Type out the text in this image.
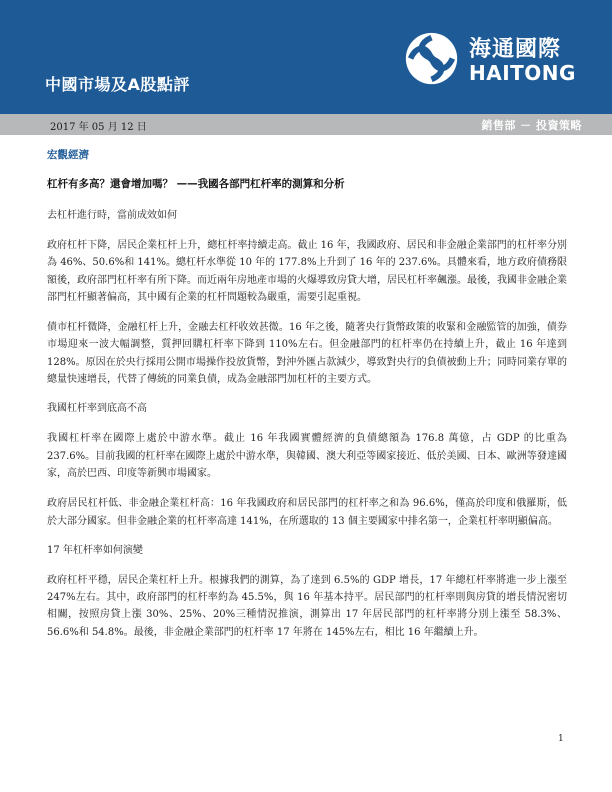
中國市場及A股點評

海通國際

HAITONG

2017 年 05 月 12 日	銷售部 － 投資策略

宏觀經濟
杠杆有多高？還會增加嗎？ ——我國各部門杠杆率的測算和分析

去杠杆進行時，當前成效如何

政府杠杆下降，居民企業杠杆上升，總杠杆率持續走高。截止 16 年，我國政府、居民和非金融企業部門的杠杆率分別為 46%、50.6%和 141%。總杠杆水準從 10 年的 177.8%上升到了 16 年的 237.6%。具體來看，地方政府債務限額後，政府部門杠杆率有所下降。而近兩年房地產市場的火爆導致房貸大增，居民杠杆率飆漲。最後，我國非金融企業部門杠杆顯著偏高，其中國有企業的杠杆問題較為嚴重，需要引起重視。

債市杠杆微降，金融杠杆上升，金融去杠杆收效甚微。16 年之後，隨著央行貨幣政策的收緊和金融監管的加強，債券市場迎來一波大幅調整，質押回購杠杆率下降到 110%左右。但金融部門的杠杆率仍在持續上升，截止 16 年達到 128%。原因在於央行採用公開市場操作投放貨幣，對沖外匯占款減少，導致對央行的負債被動上升；同時同業存單的總量快速增長，代替了傳統的同業負債，成為金融部門加杠杆的主要方式。

我國杠杆率到底高不高

我國杠杆率在國際上處於中游水準。截止 16 年我國實體經濟的負債總額為 176.8 萬億，占 GDP 的比重為 237.6%。目前我國的杠杆率在國際上處於中游水準，與韓國、澳大利亞等國家接近、低於美國、日本、歐洲等發達國家，高於巴西、印度等新興市場國家。

政府居民杠杆低、非金融企業杠杆高：16 年我國政府和居民部門的杠杆率之和為 96.6%，僅高於印度和俄羅斯，低於大部分國家。但非金融企業的杠杆率高達 141%，在所選取的 13 個主要國家中排名第一，企業杠杆率明顯偏高。

17 年杠杆率如何演變

政府杠杆平穩，居民企業杠杆上升。根據我們的測算，為了達到 6.5%的 GDP 增長，17 年總杠杆率將進一步上漲至 247%左右。其中，政府部門的杠杆率約為 45.5%，與 16 年基本持平。居民部門的杠杆率則與房貸的增長情況密切相關，按照房貸上漲 30%、25%、20%三種情況推演，測算出 17 年居民部門的杠杆率將分別上漲至 58.3%、56.6%和 54.8%。最後，非金融企業部門的杠杆率 17 年將在 145%左右，相比 16 年繼續上升。

1
